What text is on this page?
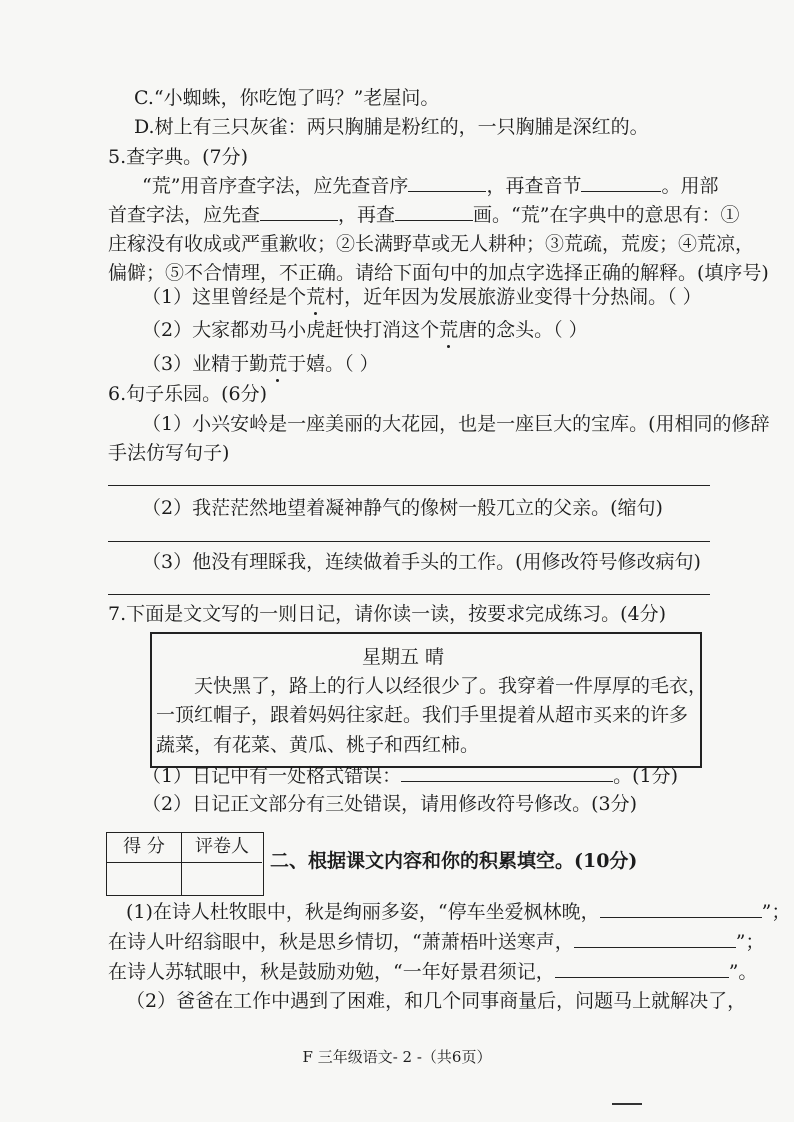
C.“小蜘蛛，你吃饱了吗？”老屋问。
D.树上有三只灰雀：两只胸脯是粉红的，一只胸脯是深红的。
5.查字典。(7分)
“荒”用音序查字法，应先查音序	，再查音节	。用部
首查字法，应先查	，再查	画。“荒”在字典中的意思有：①
庄稼没有收成或严重歉收；②长满野草或无人耕种；③荒疏，荒废；④荒凉，
偏僻；⑤不合情理，不正确。请给下面句中的加点字选择正确的解释。(填序号)
（1）这里曾经是个荒村，近年因为发展旅游业变得十分热闹。（ ）
（2）大家都劝马小虎赶快打消这个荒唐的念头。（ ）
（3）业精于勤荒于嬉。（ ）
6.句子乐园。(6分)
（1）小兴安岭是一座美丽的大花园，也是一座巨大的宝库。(用相同的修辞
手法仿写句子)
（2）我茫茫然地望着凝神静气的像树一般兀立的父亲。(缩句)
（3）他没有理睬我，连续做着手头的工作。(用修改符号修改病句)
7.下面是文文写的一则日记，请你读一读，按要求完成练习。(4分)
星期五 晴
天快黑了，路上的行人以经很少了。我穿着一件厚厚的毛衣，
一顶红帽子，跟着妈妈往家赶。我们手里提着从超市买来的许多
蔬菜，有花菜、黄瓜、桃子和西红柿。
（1）日记中有一处格式错误：	。(1分)
（2）日记正文部分有三处错误，请用修改符号修改。(3分)
得 分	评卷人
二、根据课文内容和你的积累填空。(10分)
(1)在诗人杜牧眼中，秋是绚丽多姿，“停车坐爱枫林晚，	”；
在诗人叶绍翁眼中，秋是思乡情切，“萧萧梧叶送寒声，	”；
在诗人苏轼眼中，秋是鼓励劝勉，“一年好景君须记，	”。
（2）爸爸在工作中遇到了困难，和几个同事商量后，问题马上就解决了，
F 三年级语文- 2 -（共6页）
